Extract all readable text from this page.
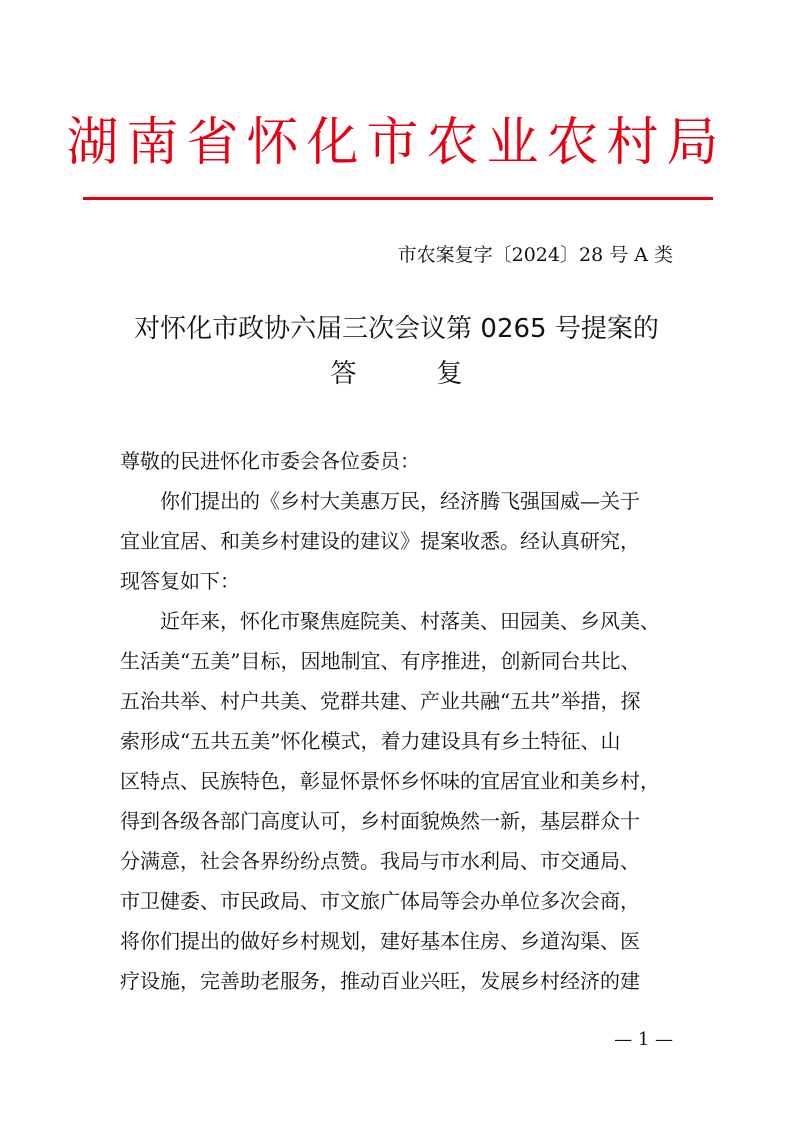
湖南省怀化市农业农村局
市农案复字〔2024〕28 号 A 类
对怀化市政协六届三次会议第 0265 号提案的
答	复
尊敬的民进怀化市委会各位委员：
你们提出的《乡村大美惠万民，经济腾飞强国威—关于
宜业宜居、和美乡村建设的建议》提案收悉。经认真研究，
现答复如下：
近年来，怀化市聚焦庭院美、村落美、田园美、乡风美、
生活美“五美”目标，因地制宜、有序推进，创新同台共比、
五治共举、村户共美、党群共建、产业共融“五共”举措，探
索形成“五共五美”怀化模式，着力建设具有乡土特征、山
区特点、民族特色，彰显怀景怀乡怀味的宜居宜业和美乡村，
得到各级各部门高度认可，乡村面貌焕然一新，基层群众十
分满意，社会各界纷纷点赞。我局与市水利局、市交通局、
市卫健委、市民政局、市文旅广体局等会办单位多次会商，
将你们提出的做好乡村规划，建好基本住房、乡道沟渠、医
疗设施，完善助老服务，推动百业兴旺，发展乡村经济的建
— 1 —
